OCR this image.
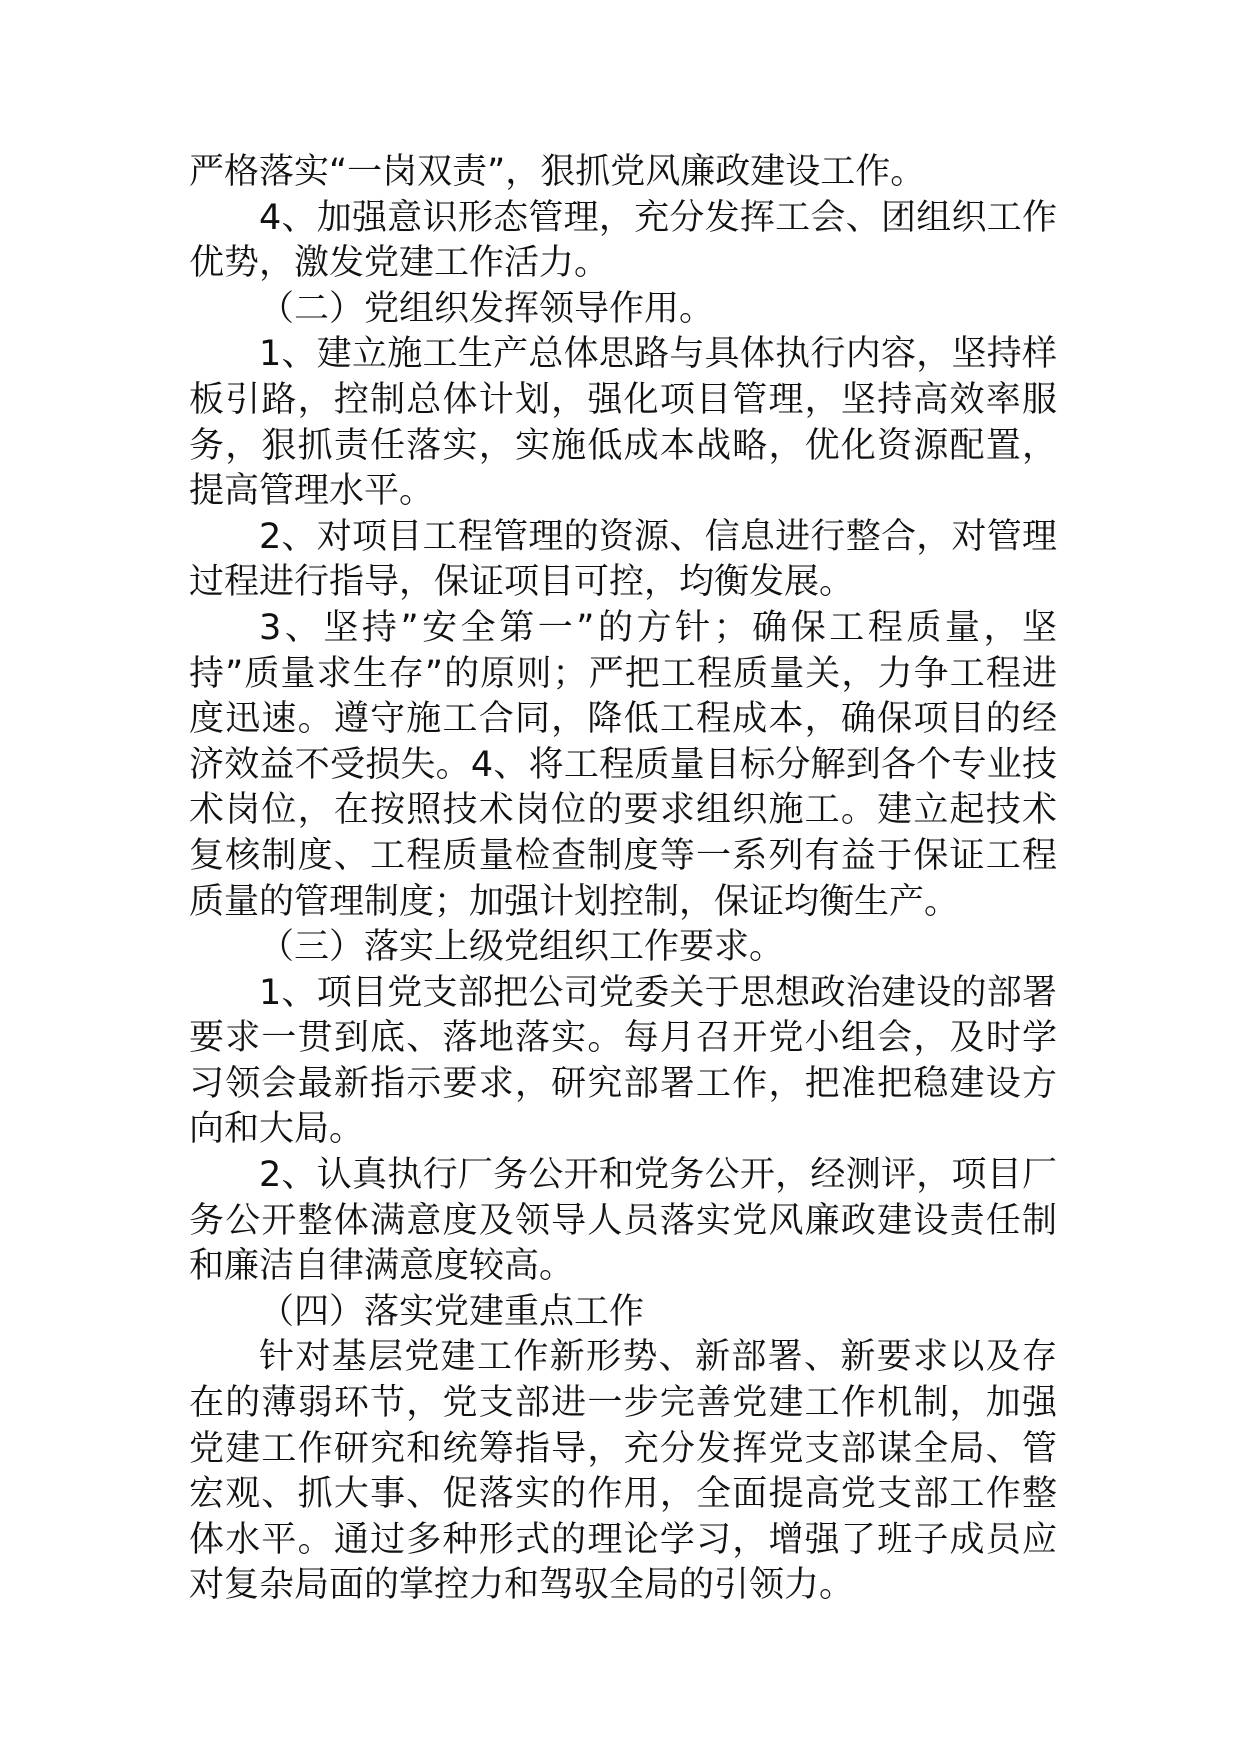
严格落实“一岗双责”，狠抓党风廉政建设工作。

4、加强意识形态管理，充分发挥工会、团组织工作优势，激发党建工作活力。

（二）党组织发挥领导作用。

1、建立施工生产总体思路与具体执行内容，坚持样板引路，控制总体计划，强化项目管理，坚持高效率服务，狠抓责任落实，实施低成本战略，优化资源配置，提高管理水平。

2、对项目工程管理的资源、信息进行整合，对管理过程进行指导，保证项目可控，均衡发展。

3、坚持”安全第一”的方针；确保工程质量，坚持”质量求生存”的原则；严把工程质量关，力争工程进度迅速。遵守施工合同，降低工程成本，确保项目的经济效益不受损失。4、将工程质量目标分解到各个专业技术岗位，在按照技术岗位的要求组织施工。建立起技术复核制度、工程质量检查制度等一系列有益于保证工程质量的管理制度；加强计划控制，保证均衡生产。

（三）落实上级党组织工作要求。

1、项目党支部把公司党委关于思想政治建设的部署要求一贯到底、落地落实。每月召开党小组会，及时学习领会最新指示要求，研究部署工作，把准把稳建设方向和大局。

2、认真执行厂务公开和党务公开，经测评，项目厂务公开整体满意度及领导人员落实党风廉政建设责任制和廉洁自律满意度较高。

（四）落实党建重点工作

针对基层党建工作新形势、新部署、新要求以及存在的薄弱环节，党支部进一步完善党建工作机制，加强党建工作研究和统筹指导，充分发挥党支部谋全局、管宏观、抓大事、促落实的作用，全面提高党支部工作整体水平。通过多种形式的理论学习，增强了班子成员应对复杂局面的掌控力和驾驭全局的引领力。
